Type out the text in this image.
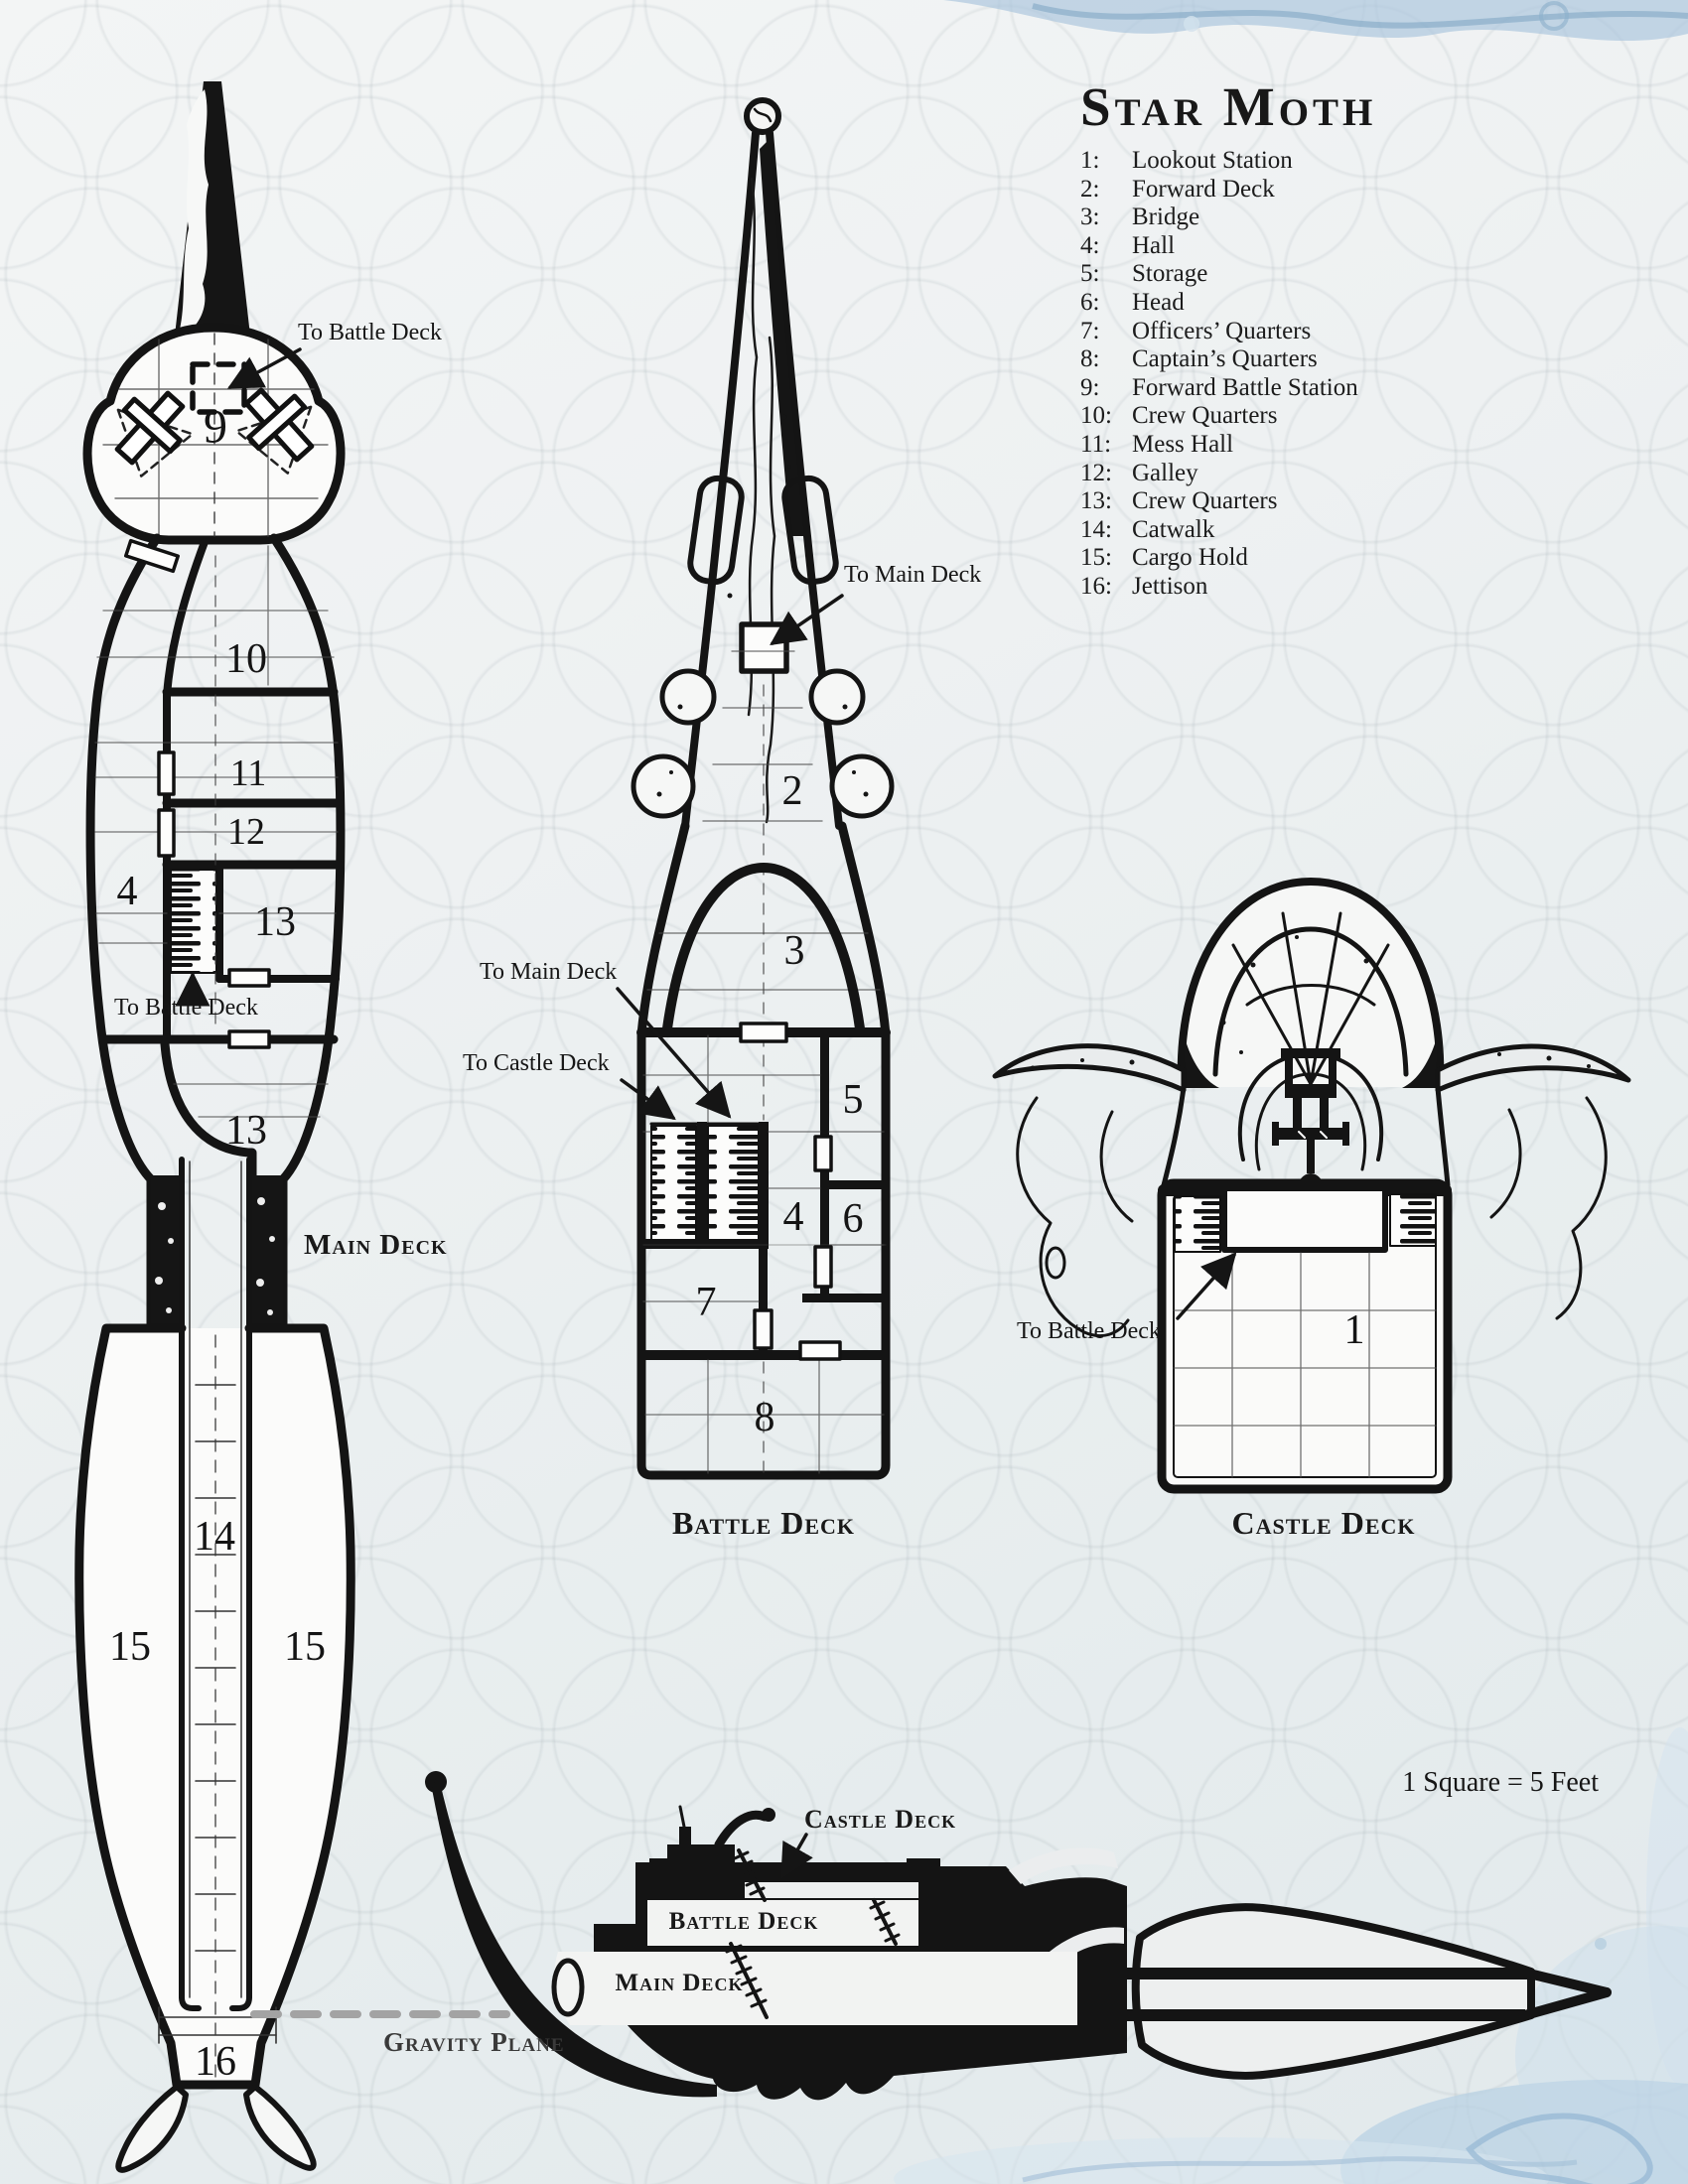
Star Moth
1:	Lookout Station
2:	Forward Deck
3:	Bridge
4:	Hall
5:	Storage
6:	Head
7:	Officers’ Quarters
8:	Captain’s Quarters
9:	Forward Battle Station
10: Crew Quarters
11: Mess Hall
12: Galley
13: Crew Quarters
14: Catwalk
15: Cargo Hold
16: Jettison
To Battle Deck
To Battle Deck
9
10
11
12
4
13
13
14
15	15
16
Main Deck
To Main Deck
To Main Deck
To Castle Deck
2
3
5
4 6
7
8
Battle Deck
To Battle Deck	1
Castle Deck
Castle Deck
Battle Deck
Main Deck
Gravity Plane
1 Square = 5 Feet
